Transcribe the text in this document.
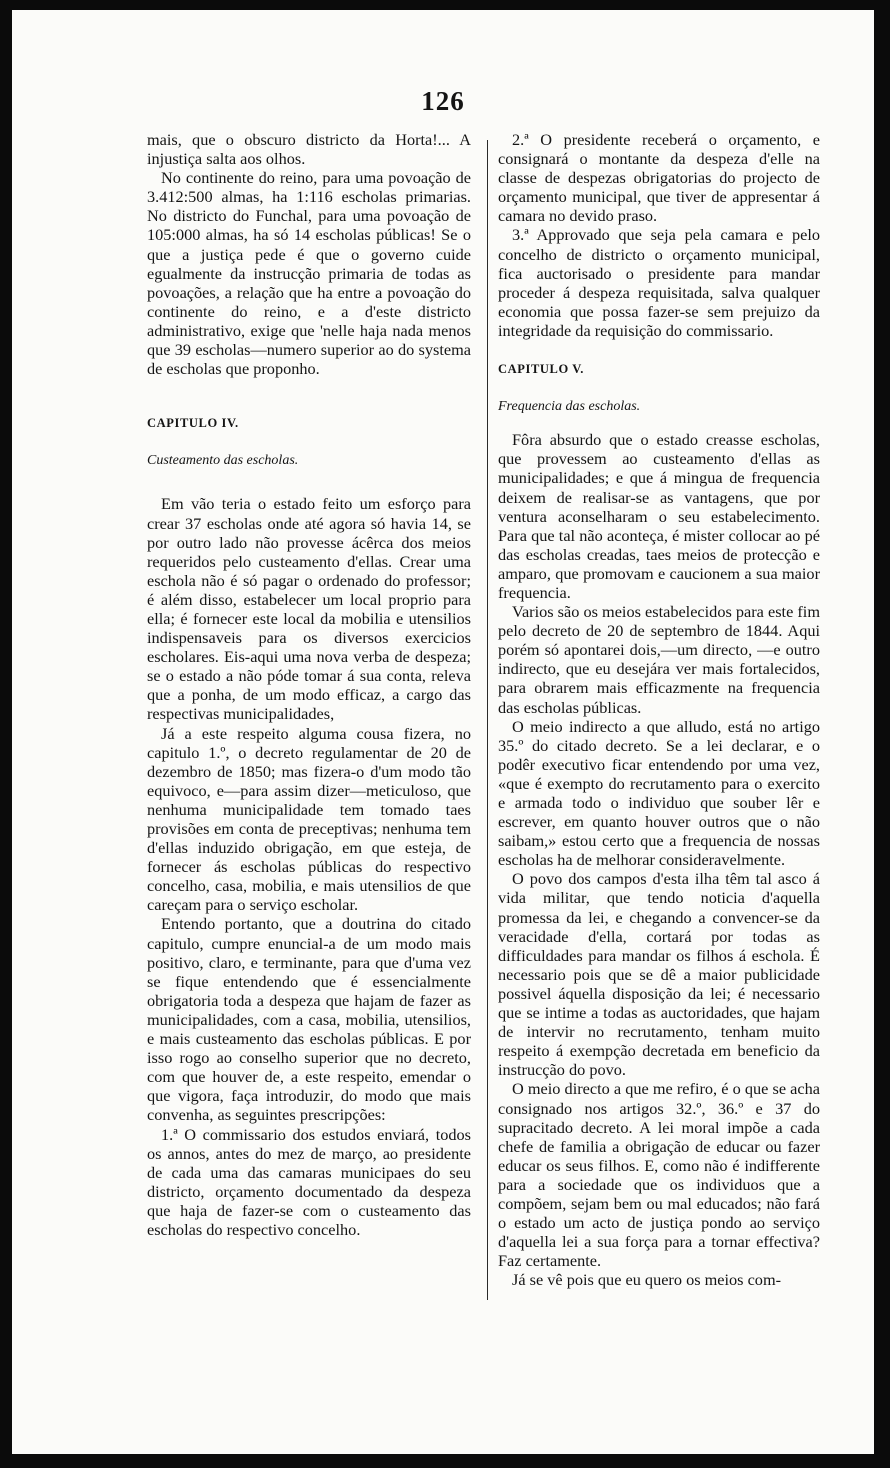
126

mais, que o obscuro districto da Horta!... A injustiça salta aos olhos.

No continente do reino, para uma povoação de 3.412:500 almas, ha 1:116 escholas primarias. No districto do Funchal, para uma povoação de 105:000 almas, ha só 14 escholas públicas! Se o que a justiça pede é que o governo cuide egualmente da instrucção primaria de todas as povoações, a relação que ha entre a povoação do continente do reino, e a d'este districto administrativo, exige que 'nelle haja nada menos que 39 escholas—numero superior ao do systema de escholas que proponho.

CAPITULO IV.

Custeamento das escholas.

Em vão teria o estado feito um esforço para crear 37 escholas onde até agora só havia 14, se por outro lado não provesse ácêrca dos meios requeridos pelo custeamento d'ellas. Crear uma eschola não é só pagar o ordenado do professor; é além disso, estabelecer um local proprio para ella; é fornecer este local da mobilia e utensilios indispensaveis para os diversos exercicios escholares. Eis-aqui uma nova verba de despeza; se o estado a não póde tomar á sua conta, releva que a ponha, de um modo efficaz, a cargo das respectivas municipalidades,

Já a este respeito alguma cousa fizera, no capitulo 1.º, o decreto regulamentar de 20 de dezembro de 1850; mas fizera-o d'um modo tão equivoco, e—para assim dizer—meticuloso, que nenhuma municipalidade tem tomado taes provisões em conta de preceptivas; nenhuma tem d'ellas induzido obrigação, em que esteja, de fornecer ás escholas públicas do respectivo concelho, casa, mobilia, e mais utensilios de que careçam para o serviço escholar.

Entendo portanto, que a doutrina do citado capitulo, cumpre enuncial-a de um modo mais positivo, claro, e terminante, para que d'uma vez se fique entendendo que é essencialmente obrigatoria toda a despeza que hajam de fazer as municipalidades, com a casa, mobilia, utensilios, e mais custeamento das escholas públicas. E por isso rogo ao conselho superior que no decreto, com que houver de, a este respeito, emendar o que vigora, faça introduzir, do modo que mais convenha, as seguintes prescripções:

1.ª O commissario dos estudos enviará, todos os annos, antes do mez de março, ao presidente de cada uma das camaras municipaes do seu districto, orçamento documentado da despeza que haja de fazer-se com o custeamento das escholas do respectivo concelho.

2.ª O presidente receberá o orçamento, e consignará o montante da despeza d'elle na classe de despezas obrigatorias do projecto de orçamento municipal, que tiver de appresentar á camara no devido praso.

3.ª Approvado que seja pela camara e pelo concelho de districto o orçamento municipal, fica auctorisado o presidente para mandar proceder á despeza requisitada, salva qualquer economia que possa fazer-se sem prejuizo da integridade da requisição do commissario.

CAPITULO V.

Frequencia das escholas.

Fôra absurdo que o estado creasse escholas, que provessem ao custeamento d'ellas as municipalidades; e que á mingua de frequencia deixem de realisar-se as vantagens, que por ventura aconselharam o seu estabelecimento. Para que tal não aconteça, é mister collocar ao pé das escholas creadas, taes meios de protecção e amparo, que promovam e caucionem a sua maior frequencia.

Varios são os meios estabelecidos para este fim pelo decreto de 20 de septembro de 1844. Aqui porém só apontarei dois,—um directo, —e outro indirecto, que eu desejára ver mais fortalecidos, para obrarem mais efficazmente na frequencia das escholas públicas.

O meio indirecto a que alludo, está no artigo 35.º do citado decreto. Se a lei declarar, e o podêr executivo ficar entendendo por uma vez, «que é exempto do recrutamento para o exercito e armada todo o individuo que souber lêr e escrever, em quanto houver outros que o não saibam,» estou certo que a frequencia de nossas escholas ha de melhorar consideravelmente.

O povo dos campos d'esta ilha têm tal asco á vida militar, que tendo noticia d'aquella promessa da lei, e chegando a convencer-se da veracidade d'ella, cortará por todas as difficuldades para mandar os filhos á eschola. É necessario pois que se dê a maior publicidade possivel áquella disposição da lei; é necessario que se intime a todas as auctoridades, que hajam de intervir no recrutamento, tenham muito respeito á exempção decretada em beneficio da instrucção do povo.

O meio directo a que me refiro, é o que se acha consignado nos artigos 32.º, 36.º e 37 do supracitado decreto. A lei moral impõe a cada chefe de familia a obrigação de educar ou fazer educar os seus filhos. E, como não é indifferente para a sociedade que os individuos que a compõem, sejam bem ou mal educados; não fará o estado um acto de justiça pondo ao serviço d'aquella lei a sua força para a tornar effectiva? Faz certamente.

Já se vê pois que eu quero os meios com-
